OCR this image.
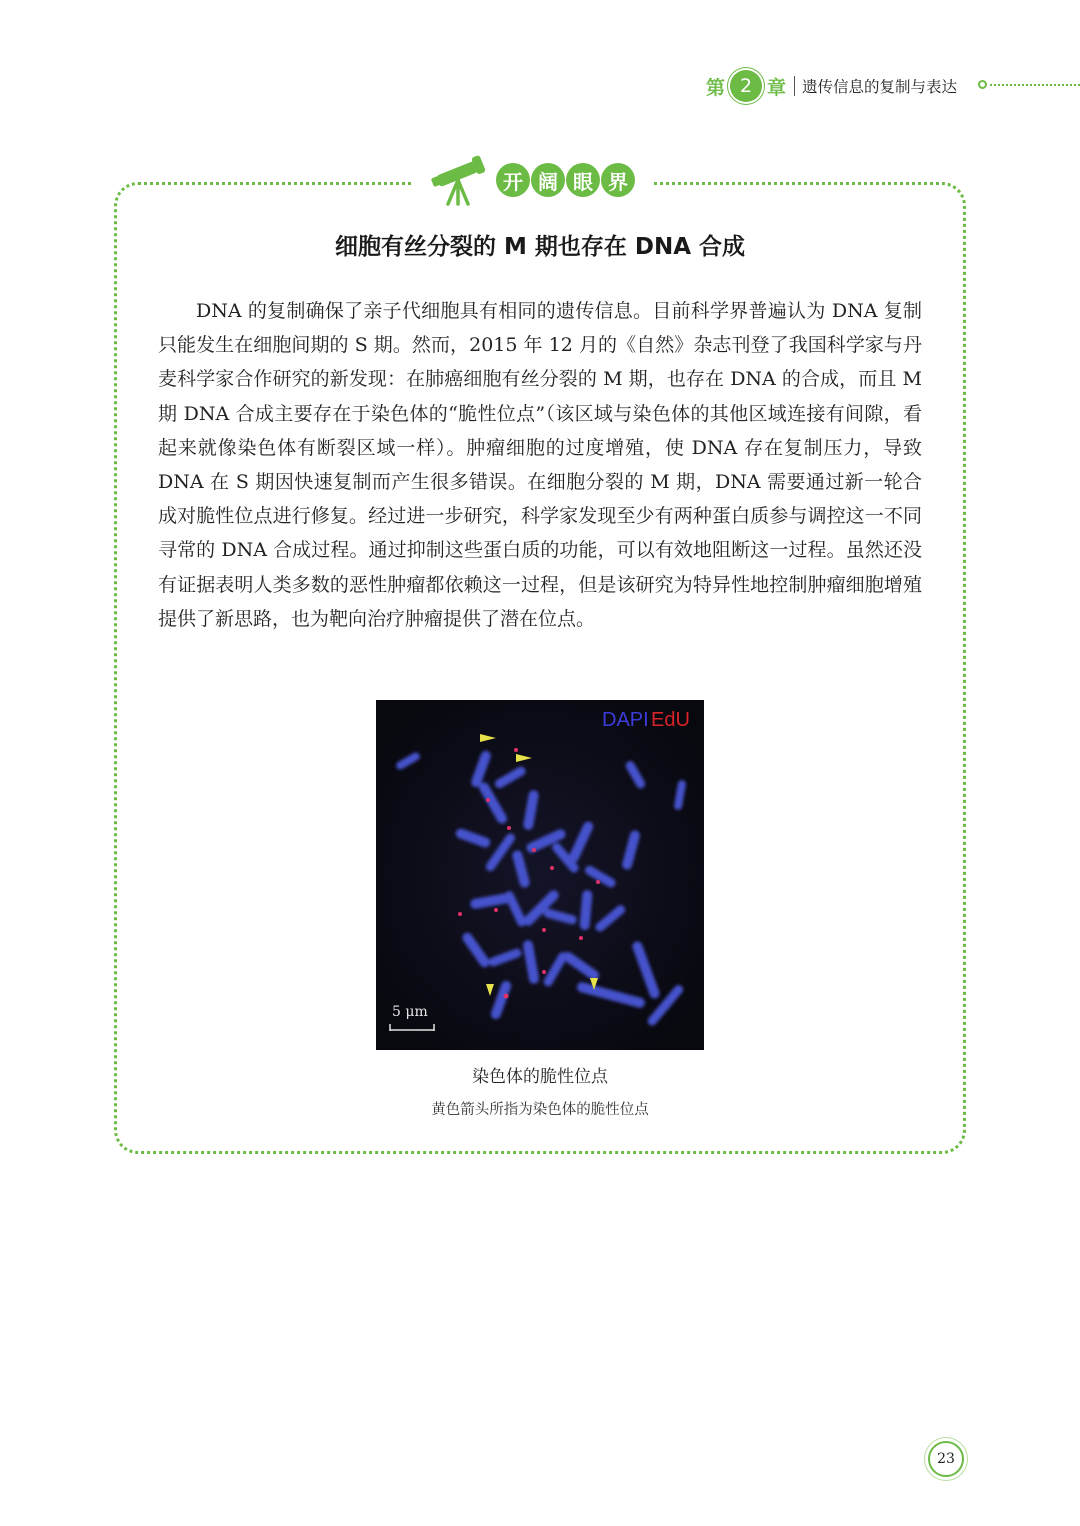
第 2 章 遗传信息的复制与表达
开 阔 眼 界
细胞有丝分裂的 M 期也存在 DNA 合成

DNA 的复制确保了亲子代细胞具有相同的遗传信息。目前科学界普遍认为 DNA 复制只能发生在细胞间期的 S 期。然而，2015 年 12 月的《自然》杂志刊登了我国科学家与丹麦科学家合作研究的新发现：在肺癌细胞有丝分裂的 M 期，也存在 DNA 的合成，而且 M 期 DNA 合成主要存在于染色体的“脆性位点”（该区域与染色体的其他区域连接有间隙，看起来就像染色体有断裂区域一样）。肿瘤细胞的过度增殖，使 DNA 存在复制压力，导致 DNA 在 S 期因快速复制而产生很多错误。在细胞分裂的 M 期，DNA 需要通过新一轮合成对脆性位点进行修复。经过进一步研究，科学家发现至少有两种蛋白质参与调控这一不同寻常的 DNA 合成过程。通过抑制这些蛋白质的功能，可以有效地阻断这一过程。虽然还没有证据表明人类多数的恶性肿瘤都依赖这一过程，但是该研究为特异性地控制肿瘤细胞增殖提供了新思路，也为靶向治疗肿瘤提供了潜在位点。

DAPI EdU
5 μm

染色体的脆性位点

黄色箭头所指为染色体的脆性位点

23
